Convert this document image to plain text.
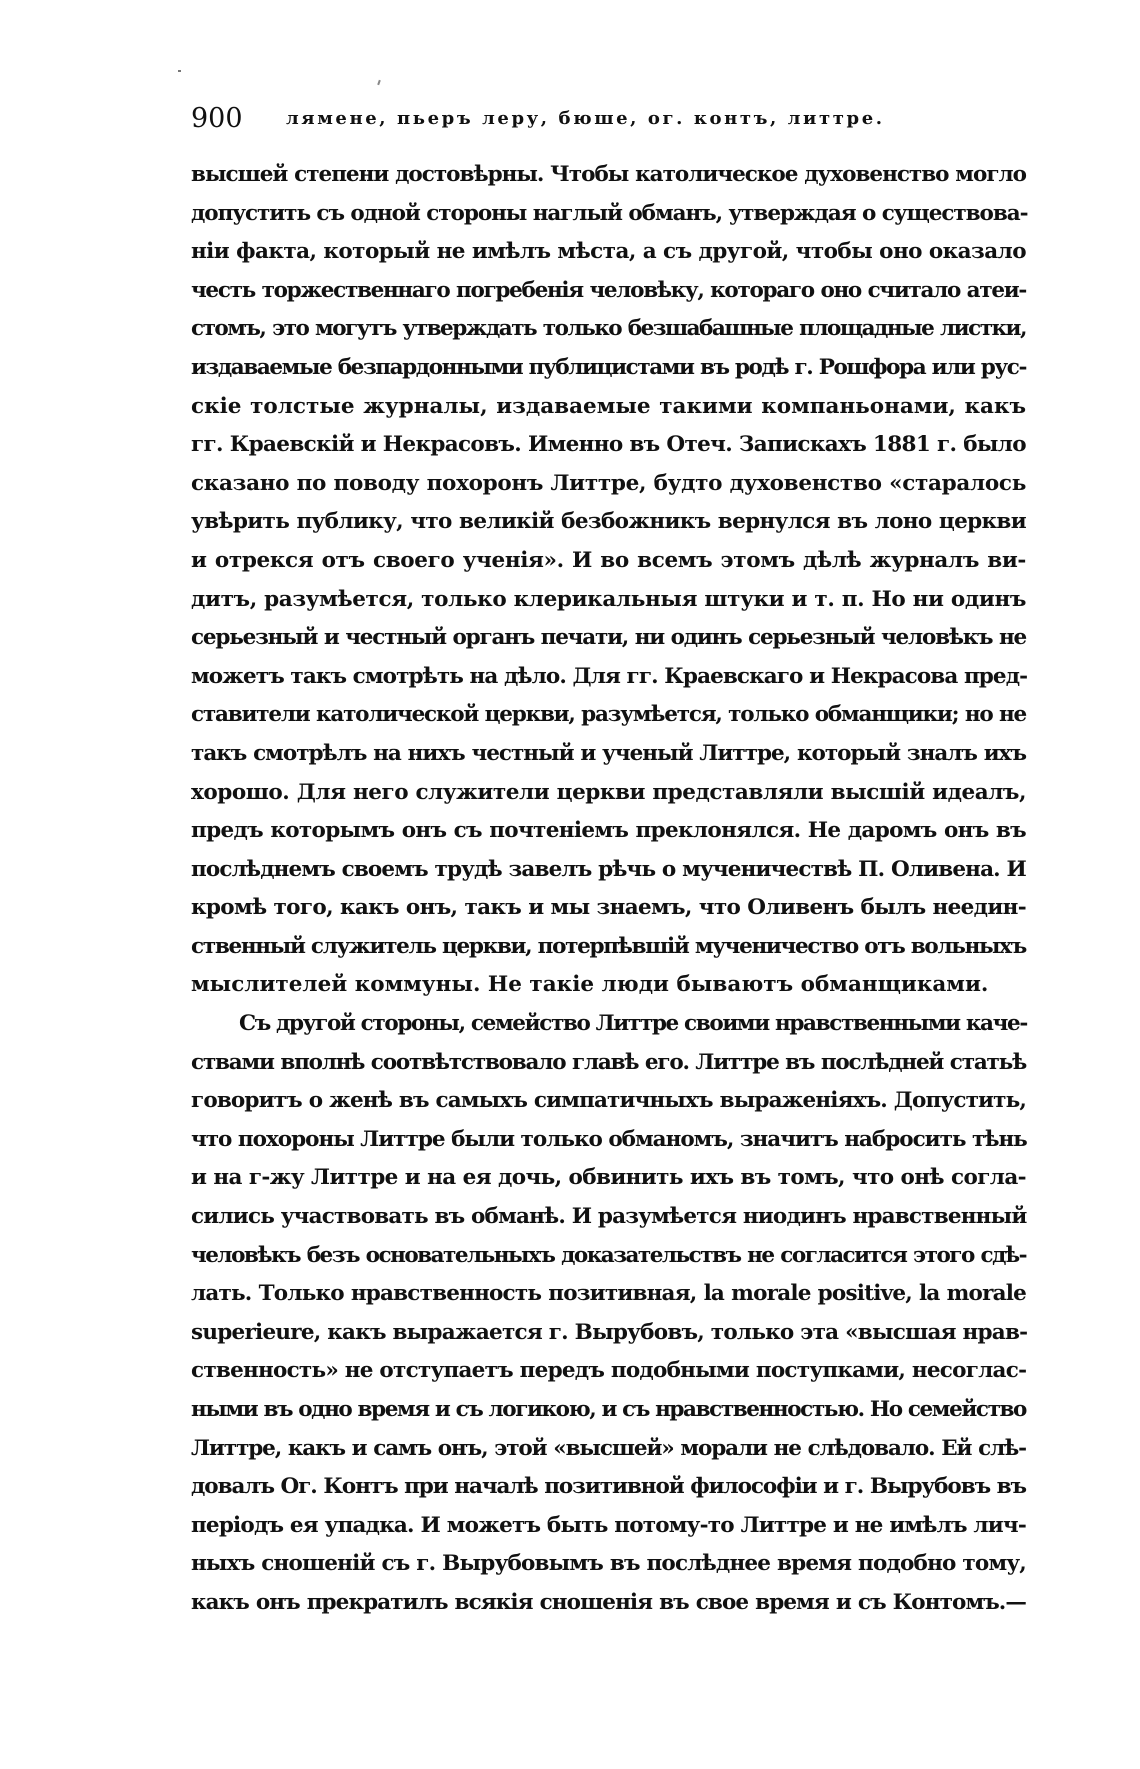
900 лямене, пьеръ леру, бюше, ог. контъ, литтре.
высшей степени достовѣрны. Чтобы католическое духовенство могло
допустить съ одной стороны наглый обманъ, утверждая о существова-
ніи факта, который не имѣлъ мѣста, а съ другой, чтобы оно оказало
честь торжественнаго погребенія человѣку, котораго оно считало атеи-
стомъ, это могутъ утверждать только безшабашные площадные листки,
издаваемые безпардонными публицистами въ родѣ г. Рошфора или рус-
скіе толстые журналы, издаваемые такими компаньонами, какъ
гг. Краевскій и Некрасовъ. Именно въ Отеч. Запискахъ 1881 г. было
сказано по поводу похоронъ Литтре, будто духовенство «старалось
увѣрить публику, что великій безбожникъ вернулся въ лоно церкви
и отрекся отъ своего ученія». И во всемъ этомъ дѣлѣ журналъ ви-
дитъ, разумѣется, только клерикальныя штуки и т. п. Но ни одинъ
серьезный и честный органъ печати, ни одинъ серьезный человѣкъ не
можетъ такъ смотрѣть на дѣло. Для гг. Краевскаго и Некрасова пред-
ставители католической церкви, разумѣется, только обманщики; но не
такъ смотрѣлъ на нихъ честный и ученый Литтре, который зналъ ихъ
хорошо. Для него служители церкви представляли высшій идеалъ,
предъ которымъ онъ съ почтеніемъ преклонялся. Не даромъ онъ въ
послѣднемъ своемъ трудѣ завелъ рѣчь о мученичествѣ П. Оливена. И
кромѣ того, какъ онъ, такъ и мы знаемъ, что Оливенъ былъ неедин-
ственный служитель церкви, потерпѣвшій мученичество отъ вольныхъ
мыслителей коммуны. Не такіе люди бываютъ обманщиками.
Съ другой стороны, семейство Литтре своими нравственными каче-
ствами вполнѣ соотвѣтствовало главѣ его. Литтре въ послѣдней статьѣ
говоритъ о женѣ въ самыхъ симпатичныхъ выраженіяхъ. Допустить,
что похороны Литтре были только обманомъ, значитъ набросить тѣнь
и на г-жу Литтре и на ея дочь, обвинить ихъ въ томъ, что онѣ согла-
сились участвовать въ обманѣ. И разумѣется ниодинъ нравственный
человѣкъ безъ основательныхъ доказательствъ не согласится этого сдѣ-
лать. Только нравственность позитивная, la morale positive, la morale
superieure, какъ выражается г. Вырубовъ, только эта «высшая нрав-
ственность» не отступаетъ передъ подобными поступками, несоглас-
ными въ одно время и съ логикою, и съ нравственностью. Но семейство
Литтре, какъ и самъ онъ, этой «высшей» морали не слѣдовало. Ей слѣ-
довалъ Ог. Контъ при началѣ позитивной философіи и г. Вырубовъ въ
періодъ ея упадка. И можетъ быть потому-то Литтре и не имѣлъ лич-
ныхъ сношеній съ г. Вырубовымъ въ послѣднее время подобно тому,
какъ онъ прекратилъ всякія сношенія въ свое время и съ Контомъ.—
